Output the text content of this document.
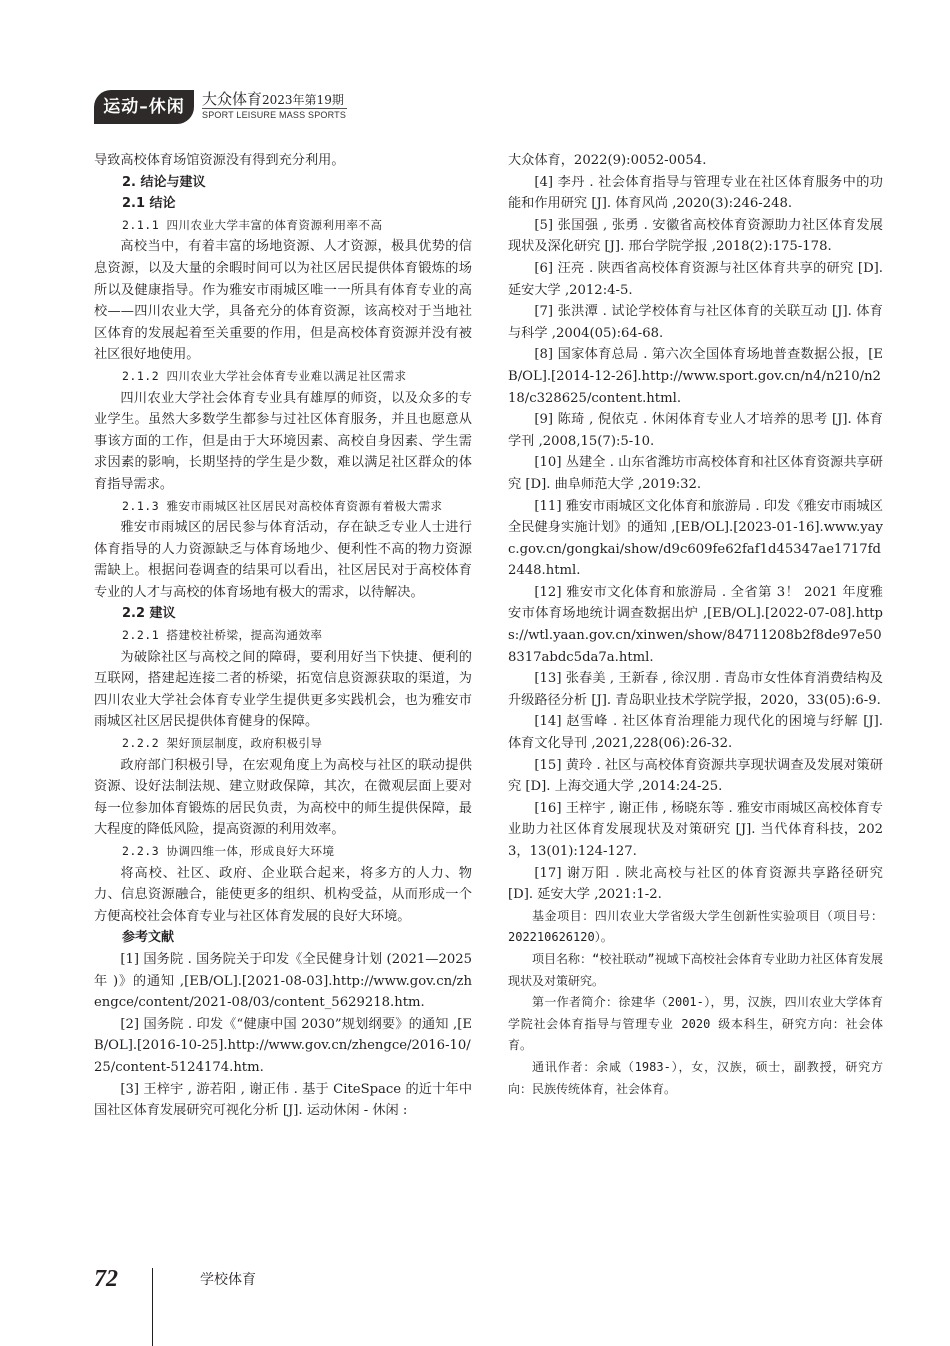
运动–休闲	大众体育2023年第19期
SPORT LEISURE MASS SPORTS

导致高校体育场馆资源没有得到充分利用。

2. 结论与建议

2.1 结论

2.1.1 四川农业大学丰富的体育资源利用率不高

高校当中，有着丰富的场地资源、人才资源，极具优势的信息资源，以及大量的余暇时间可以为社区居民提供体育锻炼的场所以及健康指导。作为雅安市雨城区唯一一所具有体育专业的高校——四川农业大学，具备充分的体育资源，该高校对于当地社区体育的发展起着至关重要的作用，但是高校体育资源并没有被社区很好地使用。

2.1.2 四川农业大学社会体育专业难以满足社区需求

四川农业大学社会体育专业具有雄厚的师资，以及众多的专业学生。虽然大多数学生都参与过社区体育服务，并且也愿意从事该方面的工作，但是由于大环境因素、高校自身因素、学生需求因素的影响，长期坚持的学生是少数，难以满足社区群众的体育指导需求。

2.1.3 雅安市雨城区社区居民对高校体育资源有着极大需求

雅安市雨城区的居民参与体育活动，存在缺乏专业人士进行体育指导的人力资源缺乏与体育场地少、便利性不高的物力资源需缺上。根据问卷调查的结果可以看出，社区居民对于高校体育专业的人才与高校的体育场地有极大的需求，以待解决。

2.2 建议

2.2.1 搭建校社桥梁，提高沟通效率

为破除社区与高校之间的障碍，要利用好当下快捷、便利的互联网，搭建起连接二者的桥梁，拓宽信息资源获取的渠道，为四川农业大学社会体育专业学生提供更多实践机会，也为雅安市雨城区社区居民提供体育健身的保障。

2.2.2 架好顶层制度，政府积极引导

政府部门积极引导，在宏观角度上为高校与社区的联动提供资源、设好法制法规、建立财政保障，其次，在微观层面上要对每一位参加体育锻炼的居民负责，为高校中的师生提供保障，最大程度的降低风险，提高资源的利用效率。

2.2.3 协调四维一体，形成良好大环境

将高校、社区、政府、企业联合起来，将多方的人力、物力、信息资源融合，能使更多的组织、机构受益，从而形成一个方便高校社会体育专业与社区体育发展的良好大环境。

参考文献

[1] 国务院 . 国务院关于印发《全民健身计划 (2021—2025 年 )》的通知 ,[EB/OL].[2021-08-03].http://www.gov.cn/zhengce/content/2021-08/03/content_5629218.htm.

[2] 国务院 . 印发《“健康中国 2030”规划纲要》的通知 ,[EB/OL].[2016-10-25].http://www.gov.cn/zhengce/2016-10/25/content-5124174.htm.

[3] 王梓宇 , 游若阳 , 谢正伟 . 基于 CiteSpace 的近十年中国社区体育发展研究可视化分析 [J]. 运动休闲 - 休闲 :

大众体育，2022(9):0052-0054.

[4] 李丹 . 社会体育指导与管理专业在社区体育服务中的功能和作用研究 [J]. 体育风尚 ,2020(3):246-248.

[5] 张国强 , 张勇 . 安徽省高校体育资源助力社区体育发展现状及深化研究 [J]. 邢台学院学报 ,2018(2):175-178.

[6] 汪亮 . 陕西省高校体育资源与社区体育共享的研究 [D]. 延安大学 ,2012:4-5.

[7] 张洪潭 . 试论学校体育与社区体育的关联互动 [J]. 体育与科学 ,2004(05):64-68.

[8] 国家体育总局 . 第六次全国体育场地普查数据公报，[EB/OL].[2014-12-26].http://www.sport.gov.cn/n4/n210/n218/c328625/content.html.

[9] 陈琦 , 倪依克 . 休闲体育专业人才培养的思考 [J]. 体育学刊 ,2008,15(7):5-10.

[10] 丛建全 . 山东省潍坊市高校体育和社区体育资源共享研究 [D]. 曲阜师范大学 ,2019:32.

[11] 雅安市雨城区文化体育和旅游局 . 印发《雅安市雨城区全民健身实施计划》的通知 ,[EB/OL].[2023-01-16].www.yayc.gov.cn/gongkai/show/d9c609fe62faf1d45347ae1717fd2448.html.

[12] 雅安市文化体育和旅游局 . 全省第 3！ 2021 年度雅安市体育场地统计调查数据出炉 ,[EB/OL].[2022-07-08].https://wtl.yaan.gov.cn/xinwen/show/84711208b2f8de97e508317abdc5da7a.html.

[13] 张春美 , 王新春 , 徐汉朋 . 青岛市女性体育消费结构及升级路径分析 [J]. 青岛职业技术学院学报，2020，33(05):6-9.

[14] 赵雪峰 . 社区体育治理能力现代化的困境与纾解 [J]. 体育文化导刊 ,2021,228(06):26-32.

[15] 黄玲 . 社区与高校体育资源共享现状调查及发展对策研究 [D]. 上海交通大学 ,2014:24-25.

[16] 王梓宇 , 谢正伟 , 杨晓东等 . 雅安市雨城区高校体育专业助力社区体育发展现状及对策研究 [J]. 当代体育科技，2023，13(01):124-127.

[17] 谢万阳 . 陕北高校与社区的体育资源共享路径研究 [D]. 延安大学 ,2021:1-2.

基金项目：四川农业大学省级大学生创新性实验项目（项目号：202210626120）。

项目名称：“校社联动”视域下高校社会体育专业助力社区体育发展现状及对策研究。

第一作者简介：徐建华（2001-），男，汉族，四川农业大学体育学院社会体育指导与管理专业 2020 级本科生，研究方向：社会体育。

通讯作者：余咸（1983-），女，汉族，硕士，副教授，研究方向：民族传统体育，社会体育。

72	学校体育
